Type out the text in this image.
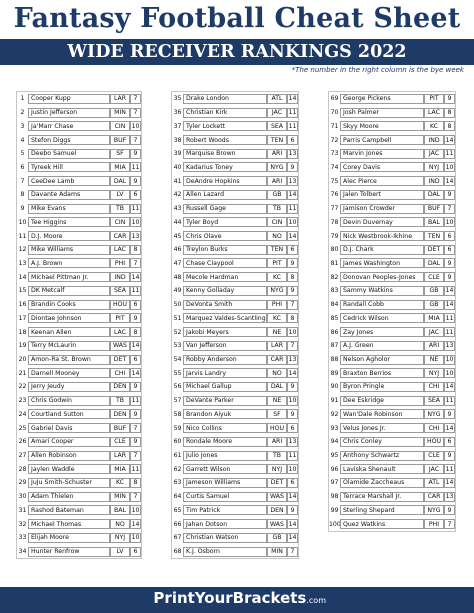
Fantasy Football Cheat Sheet
WIDE RECEIVER RANKINGS 2022
*The number in the right column is the bye week
1	Cooper Kupp	LAR	7
2	Justin Jefferson	MIN	7
3	Ja'Marr Chase	CIN 10
4	Stefon Diggs	BUF	7
5	Deebo Samuel	SF	9
6	Tyreek Hill	MIA 11
7	CeeDee Lamb	DAL	9
8	Davante Adams	LV	6
9	Mike Evans	TB	11
10 Tee Higgins	CIN 10
11 D.J. Moore	CAR 13
12 Mike Williams	LAC	8
13 A.J. Brown	PHI	7
14 Michael Pittman Jr.	IND 14
15 DK Metcalf	SEA 11
16 Brandin Cooks	HOU	6
17 Diontae Johnson	PIT	9
18 Keenan Allen	LAC	8
19 Terry McLaurin	WAS 14
20 Amon-Ra St. Brown	DET	6
21 Darnell Mooney	CHI 14
22 Jerry Jeudy	DEN	9
23 Chris Godwin	TB	11
24 Courtland Sutton	DEN	9
25 Gabriel Davis	BUF	7
26 Amari Cooper	CLE	9
27 Allen Robinson	LAR	7
28 Jaylen Waddle	MIA 11
29 JuJu Smith-Schuster	KC	8
30 Adam Thielen	MIN	7
31 Rashod Bateman	BAL 10
32 Michael Thomas	NO	14
33 Elijah Moore	NYJ	10
34 Hunter Renfrow	LV	6
35 Drake London	ATL 14
36 Christian Kirk	JAC	11
37 Tyler Lockett	SEA 11
38 Robert Woods	TEN	6
39 Marquise Brown	ARI	13
40 Kadarius Toney	NYG	9
41 DeAndre Hopkins	ARI	13
42 Allen Lazard	GB	14
43 Russell Gage	TB	11
44 Tyler Boyd	CIN 10
45 Chris Olave	NO	14
46 Treylon Burks	TEN	6
47 Chase Claypool	PIT	9
48 Mecole Hardman	KC	8
49 Kenny Golladay	NYG	9
50 DeVonta Smith	PHI	7
51 Marquez Valdes-Scantling	KC	8
52 Jakobi Meyers	NE	10
53 Van Jefferson	LAR	7
54 Robby Anderson	CAR 13
55 Jarvis Landry	NO	14
56 Michael Gallup	DAL	9
57 DeVante Parker	NE	10
58 Brandon Aiyuk	SF	9
59 Nico Collins	HOU	6
60 Rondale Moore	ARI	13
61 Julio Jones	TB	11
62 Garrett Wilson	NYJ	10
63 Jameson Williams	DET	6
64 Curtis Samuel	WAS 14
65 Tim Patrick	DEN	9
66 Jahan Dotson	WAS 14
67 Christian Watson	GB	14
68 K.J. Osborn	MIN	7
69 George Pickens	PIT	9
70 Josh Palmer	LAC	8
71 Skyy Moore	KC	8
72 Parris Campbell	IND 14
73 Marvin Jones	JAC	11
74 Corey Davis	NYJ	10
75 Alec Pierce	IND 14
76 Jalen Tolbert	DAL	9
77 Jamison Crowder	BUF	7
78 Devin Duvernay	BAL 10
79 Nick Westbrook-Ikhine	TEN	6
80 D.J. Chark	DET	6
81 James Washington	DAL	9
82 Donovan Peoples-Jones	CLE	9
83 Sammy Watkins	GB	14
84 Randall Cobb	GB	14
85 Cedrick Wilson	MIA 11
86 Zay Jones	JAC	11
87 A.J. Green	ARI	13
88 Nelson Agholor	NE	10
89 Braxton Berrios	NYJ	10
90 Byron Pringle	CHI 14
91 Dee Eskridge	SEA 11
92 Wan'Dale Robinson	NYG	9
93 Velus Jones Jr.	CHI 14
94 Chris Conley	HOU	6
95 Anthony Schwartz	CLE	9
96 Laviska Shenault	JAC	11
97 Olamide Zaccheaus	ATL 14
98 Terrace Marshall Jr.	CAR 13
99 Sterling Shepard	NYG	9
100 Quez Watkins	PHI	7
PrintYourBrackets.com
